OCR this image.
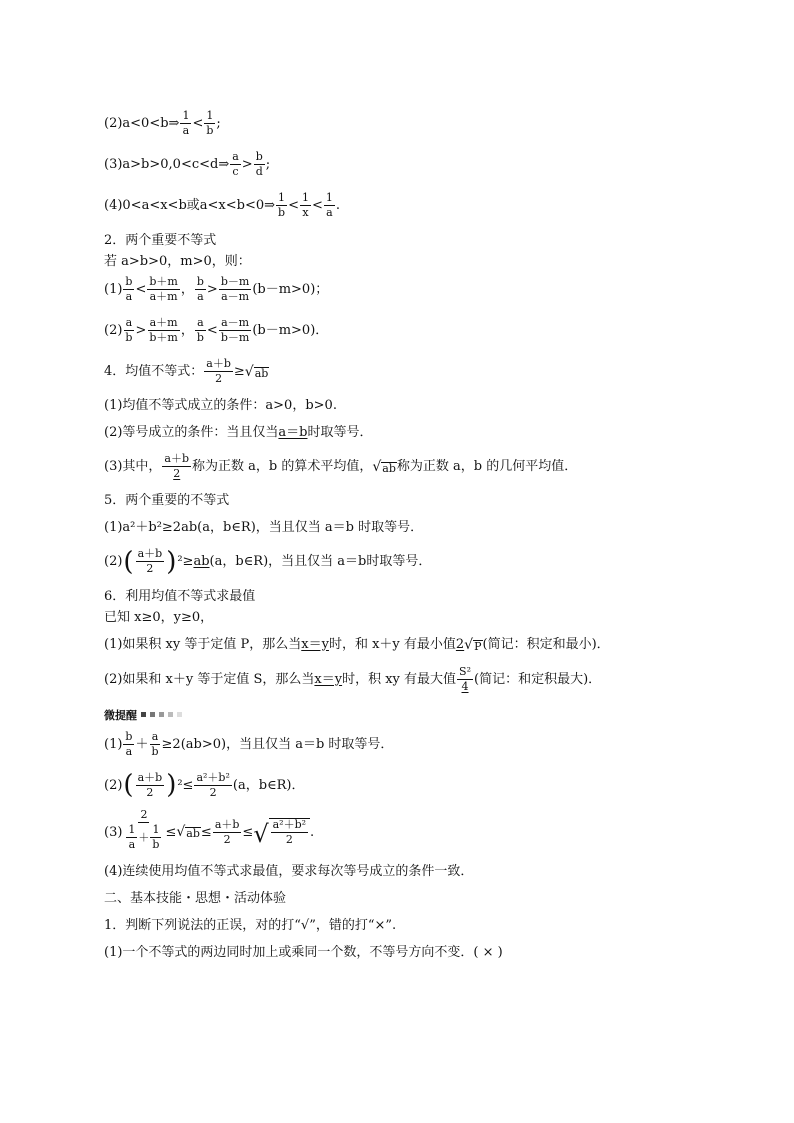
(2)a<0<b⇒ $\frac{1}{a} < \frac{1}{b}$ ;
(3)a>b>0,0<c<d⇒ $\frac{a}{c} > \frac{b}{d}$ ;
(4)0<a<x<b或a<x<b<0⇒ $\frac{1}{b} < \frac{1}{x} < \frac{1}{a}$ .
2．两个重要不等式
若 a>b>0，m>0，则：
$(1) \frac{b}{a} < \frac{b+m}{a+m}$ ， $\frac{b}{a} > \frac{b-m}{a-m} (b-m>0)$；
$(2) \frac{a}{b} > \frac{a+m}{b+m}$ ， $\frac{a}{b} < \frac{a-m}{b-m} (b-m>0)$．
4．均值不等式： $\frac{a+b}{2}$ ≥ √ ab
(1)均值不等式成立的条件：a>0，b>0.
(2)等号成立的条件：当且仅当 a＝b 时取等号．
(3)其中， $\frac{a+b}{2}$ 称为正数 a，b 的算术平均值， √ ab 称为正数 a，b 的几何平均值．
5．两个重要的不等式
(1)a²＋b²≥2ab(a，b∈R)，当且仅当 a＝b 时取等号．
(2) ( $\frac{a+b}{2}$ ) ²≥ ab (a，b∈R)，当且仅当 a＝b时取等号．
6．利用均值不等式求最值
已知 x≥0，y≥0，
(1)如果积 xy 等于定值 P，那么当 x＝y 时，和 x＋y 有最小值 2 √ P (简记：积定和最小)．
(2)如果和 x＋y 等于定值 S，那么当 x＝y 时，积 xy 有最大值 $\frac{\text{S²}}{4}$ (简记：和定积最大)．
微提醒
$(1) \frac{b}{a} + \frac{a}{b} \ge 2(ab>0)$，当且仅当 a＝b 时取等号．
(2) ( $\frac{a+b}{2}$ ) $^2\le \frac{\text{a²＋b²}}{2} (a$，b∈R)．
$(3) \frac{2}{\frac{1}{a} + \frac{1}{b}}$ ≤ √ ab ≤ $\frac{a+b}{2}$ ≤ √ $\frac{\text{a²＋b²}}{2}$ .
(4)连续使用均值不等式求最值，要求每次等号成立的条件一致．
二、基本技能・思想・活动体验
1．判断下列说法的正误，对的打“√”，错的打“×”.
(1)一个不等式的两边同时加上或乘同一个数，不等号方向不变．( × )
